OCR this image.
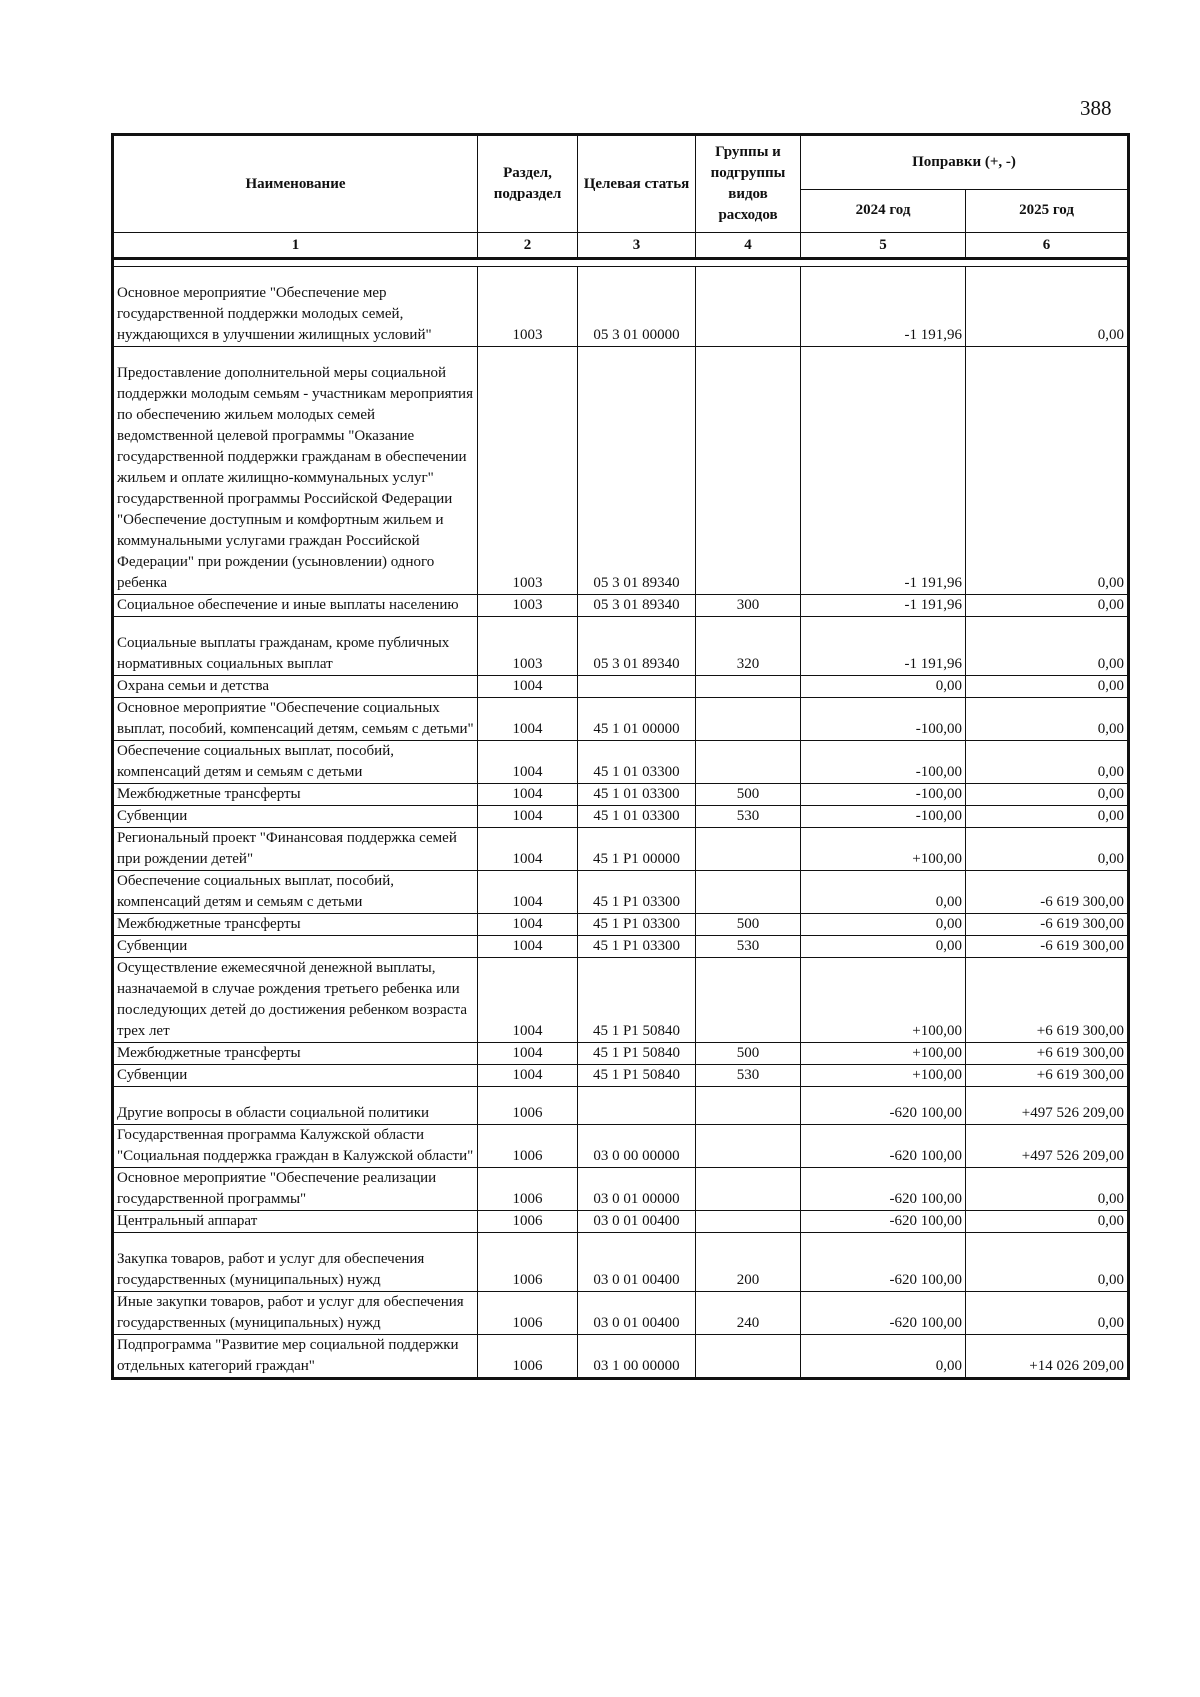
388
Наименование	Раздел, подраздел	Целевая статья	Группы и подгруппы видов расходов	Поправки (+, -)	
				2024 год	2025 год
1	2	3	4	5	6

Основное мероприятие "Обеспечение мер государственной поддержки молодых семей, нуждающихся в улучшении жилищных условий"	1003	05 3 01 00000		-1 191,96	0,00
Предоставление дополнительной меры социальной поддержки молодым семьям - участникам мероприятия по обеспечению жильем молодых семей ведомственной целевой программы "Оказание государственной поддержки гражданам в обеспечении жильем и оплате жилищно-коммунальных услуг" государственной программы Российской Федерации "Обеспечение доступным и комфортным жильем и коммунальными услугами граждан Российской Федерации" при рождении (усыновлении) одного ребенка	1003	05 3 01 89340		-1 191,96	0,00
Социальное обеспечение и иные выплаты населению	1003	05 3 01 89340	300	-1 191,96	0,00
Социальные выплаты гражданам, кроме публичных нормативных социальных выплат	1003	05 3 01 89340	320	-1 191,96	0,00
Охрана семьи и детства	1004			0,00	0,00
Основное мероприятие "Обеспечение социальных выплат, пособий, компенсаций детям, семьям с детьми"	1004	45 1 01 00000		-100,00	0,00
Обеспечение социальных выплат, пособий, компенсаций детям и семьям с детьми	1004	45 1 01 03300		-100,00	0,00
Межбюджетные трансферты	1004	45 1 01 03300	500	-100,00	0,00
Субвенции	1004	45 1 01 03300	530	-100,00	0,00
Региональный проект "Финансовая поддержка семей при рождении детей"	1004	45 1 P1 00000		+100,00	0,00
Обеспечение социальных выплат, пособий, компенсаций детям и семьям с детьми	1004	45 1 P1 03300		0,00	-6 619 300,00
Межбюджетные трансферты	1004	45 1 P1 03300	500	0,00	-6 619 300,00
Субвенции	1004	45 1 P1 03300	530	0,00	-6 619 300,00
Осуществление ежемесячной денежной выплаты, назначаемой в случае рождения третьего ребенка или последующих детей до достижения ребенком возраста трех лет	1004	45 1 P1 50840		+100,00	+6 619 300,00
Межбюджетные трансферты	1004	45 1 P1 50840	500	+100,00	+6 619 300,00
Субвенции	1004	45 1 P1 50840	530	+100,00	+6 619 300,00
Другие вопросы в области социальной политики	1006			-620 100,00	+497 526 209,00
Государственная программа Калужской области "Социальная поддержка граждан в Калужской области"	1006	03 0 00 00000		-620 100,00	+497 526 209,00
Основное мероприятие "Обеспечение реализации государственной программы"	1006	03 0 01 00000		-620 100,00	0,00
Центральный аппарат	1006	03 0 01 00400		-620 100,00	0,00
Закупка товаров, работ и услуг для обеспечения государственных (муниципальных) нужд	1006	03 0 01 00400	200	-620 100,00	0,00
Иные закупки товаров, работ и услуг для обеспечения государственных (муниципальных) нужд	1006	03 0 01 00400	240	-620 100,00	0,00
Подпрограмма "Развитие мер социальной поддержки отдельных категорий граждан"	1006	03 1 00 00000		0,00	+14 026 209,00
